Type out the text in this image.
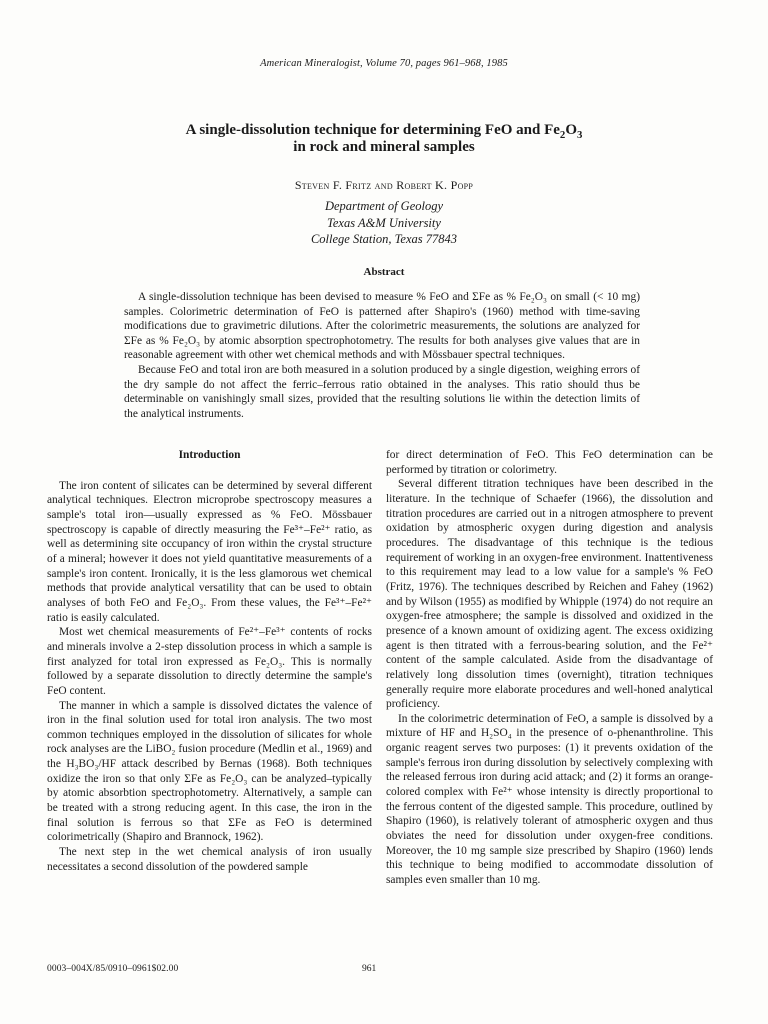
American Mineralogist, Volume 70, pages 961–968, 1985
A single-dissolution technique for determining FeO and $Fe_2O_3$
in rock and mineral samples
Steven F. Fritz and Robert K. Popp
Department of Geology
Texas A&M University
College Station, Texas 77843
Abstract

A single-dissolution technique has been devised to measure % FeO and ΣFe as % Fe₂O₃ on small (< 10 mg) samples. Colorimetric determination of FeO is patterned after Shapiro's (1960) method with time-saving modifications due to gravimetric dilutions. After the colorimetric measurements, the solutions are analyzed for ΣFe as % Fe₂O₃ by atomic absorption spectrophotometry. The results for both analyses give values that are in reasonable agreement with other wet chemical methods and with Mössbauer spectral techniques.

Because FeO and total iron are both measured in a solution produced by a single digestion, weighing errors of the dry sample do not affect the ferric–ferrous ratio obtained in the analyses. This ratio should thus be determinable on vanishingly small sizes, provided that the resulting solutions lie within the detection limits of the analytical instruments.

Introduction

The iron content of silicates can be determined by several different analytical techniques. Electron microprobe spectroscopy measures a sample's total iron—usually expressed as % FeO. Mössbauer spectroscopy is capable of directly measuring the Fe³⁺–Fe²⁺ ratio, as well as determining site occupancy of iron within the crystal structure of a mineral; however it does not yield quantitative measurements of a sample's iron content. Ironically, it is the less glamorous wet chemical methods that provide analytical versatility that can be used to obtain analyses of both FeO and Fe₂O₃. From these values, the Fe³⁺–Fe²⁺ ratio is easily calculated.

Most wet chemical measurements of Fe²⁺–Fe³⁺ contents of rocks and minerals involve a 2-step dissolution process in which a sample is first analyzed for total iron expressed as Fe₂O₃. This is normally followed by a separate dissolution to directly determine the sample's FeO content.

The manner in which a sample is dissolved dictates the valence of iron in the final solution used for total iron analysis. The two most common techniques employed in the dissolution of silicates for whole rock analyses are the LiBO₂ fusion procedure (Medlin et al., 1969) and the H₃BO₃/HF attack described by Bernas (1968). Both techniques oxidize the iron so that only ΣFe as Fe₂O₃ can be analyzed–typically by atomic absorbtion spectrophotometry. Alternatively, a sample can be treated with a strong reducing agent. In this case, the iron in the final solution is ferrous so that ΣFe as FeO is determined colorimetrically (Shapiro and Brannock, 1962).

The next step in the wet chemical analysis of iron usually necessitates a second dissolution of the powdered sample

for direct determination of FeO. This FeO determination can be performed by titration or colorimetry.

Several different titration techniques have been described in the literature. In the technique of Schaefer (1966), the dissolution and titration procedures are carried out in a nitrogen atmosphere to prevent oxidation by atmospheric oxygen during digestion and analysis procedures. The disadvantage of this technique is the tedious requirement of working in an oxygen-free environment. Inattentiveness to this requirement may lead to a low value for a sample's % FeO (Fritz, 1976). The techniques described by Reichen and Fahey (1962) and by Wilson (1955) as modified by Whipple (1974) do not require an oxygen-free atmosphere; the sample is dissolved and oxidized in the presence of a known amount of oxidizing agent. The excess oxidizing agent is then titrated with a ferrous-bearing solution, and the Fe²⁺ content of the sample calculated. Aside from the disadvantage of relatively long dissolution times (overnight), titration techniques generally require more elaborate procedures and well-honed analytical proficiency.

In the colorimetric determination of FeO, a sample is dissolved by a mixture of HF and H₂SO₄ in the presence of o-phenanthroline. This organic reagent serves two purposes: (1) it prevents oxidation of the sample's ferrous iron during dissolution by selectively complexing with the released ferrous iron during acid attack; and (2) it forms an orange-colored complex with Fe²⁺ whose intensity is directly proportional to the ferrous content of the digested sample. This procedure, outlined by Shapiro (1960), is relatively tolerant of atmospheric oxygen and thus obviates the need for dissolution under oxygen-free conditions. Moreover, the 10 mg sample size prescribed by Shapiro (1960) lends this technique to being modified to accommodate dissolution of samples even smaller than 10 mg.

0003–004X/85/0910–0961$02.00	961
